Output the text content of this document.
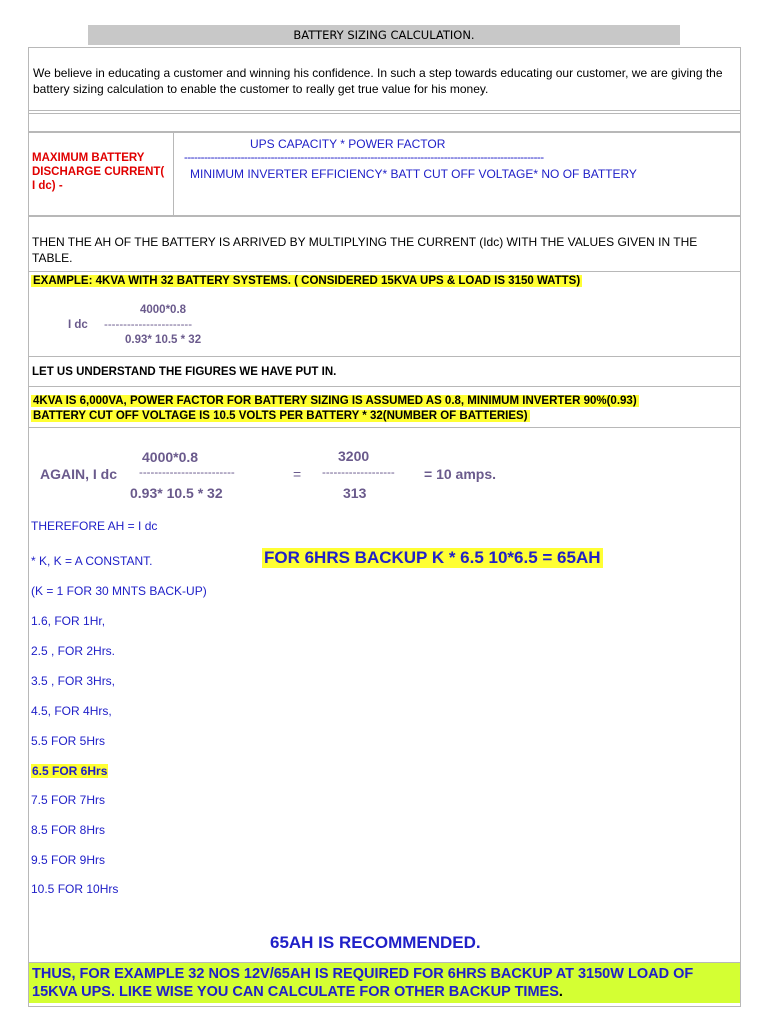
BATTERY SIZING CALCULATION.

We believe in educating a customer and winning his confidence. In such a step towards educating our customer, we are giving the battery sizing calculation to enable the customer to really get true value for his money.

MAXIMUM BATTERY DISCHARGE CURRENT( I dc) -
UPS CAPACITY * POWER FACTOR
------------------------------------------------------------------------------------------------------------
MINIMUM INVERTER EFFICIENCY* BATT CUT OFF VOLTAGE* NO OF BATTERY
THEN THE AH OF THE BATTERY IS ARRIVED BY MULTIPLYING THE CURRENT (Idc) WITH THE VALUES GIVEN IN THE TABLE.
EXAMPLE: 4KVA WITH 32 BATTERY SYSTEMS. ( CONSIDERED 15KVA UPS & LOAD IS 3150 WATTS)
4000*0.8
I dc -----------------------
0.93* 10.5 * 32
LET US UNDERSTAND THE FIGURES WE HAVE PUT IN.
4KVA IS 6,000VA, POWER FACTOR FOR BATTERY SIZING IS ASSUMED AS 0.8, MINIMUM INVERTER 90%(0.93)
BATTERY CUT OFF VOLTAGE IS 10.5 VOLTS PER BATTERY * 32(NUMBER OF BATTERIES)
4000*0.8
AGAIN, I dc -------------------------
0.93* 10.5 * 32
=
3200
-------------------
313
= 10 amps.
THEREFORE AH = I dc
* K, K = A CONSTANT.	FOR 6HRS BACKUP K * 6.5 10*6.5 = 65AH
(K = 1 FOR 30 MNTS BACK-UP)
1.6, FOR 1Hr,
2.5 , FOR 2Hrs.
3.5 , FOR 3Hrs,
4.5, FOR 4Hrs,
5.5 FOR 5Hrs
6.5 FOR 6Hrs
7.5 FOR 7Hrs
8.5 FOR 8Hrs
9.5 FOR 9Hrs
10.5 FOR 10Hrs
65AH IS RECOMMENDED.
THUS, FOR EXAMPLE 32 NOS 12V/65AH IS REQUIRED FOR 6HRS BACKUP AT 3150W LOAD OF
15KVA UPS. LIKE WISE YOU CAN CALCULATE FOR OTHER BACKUP TIMES.
